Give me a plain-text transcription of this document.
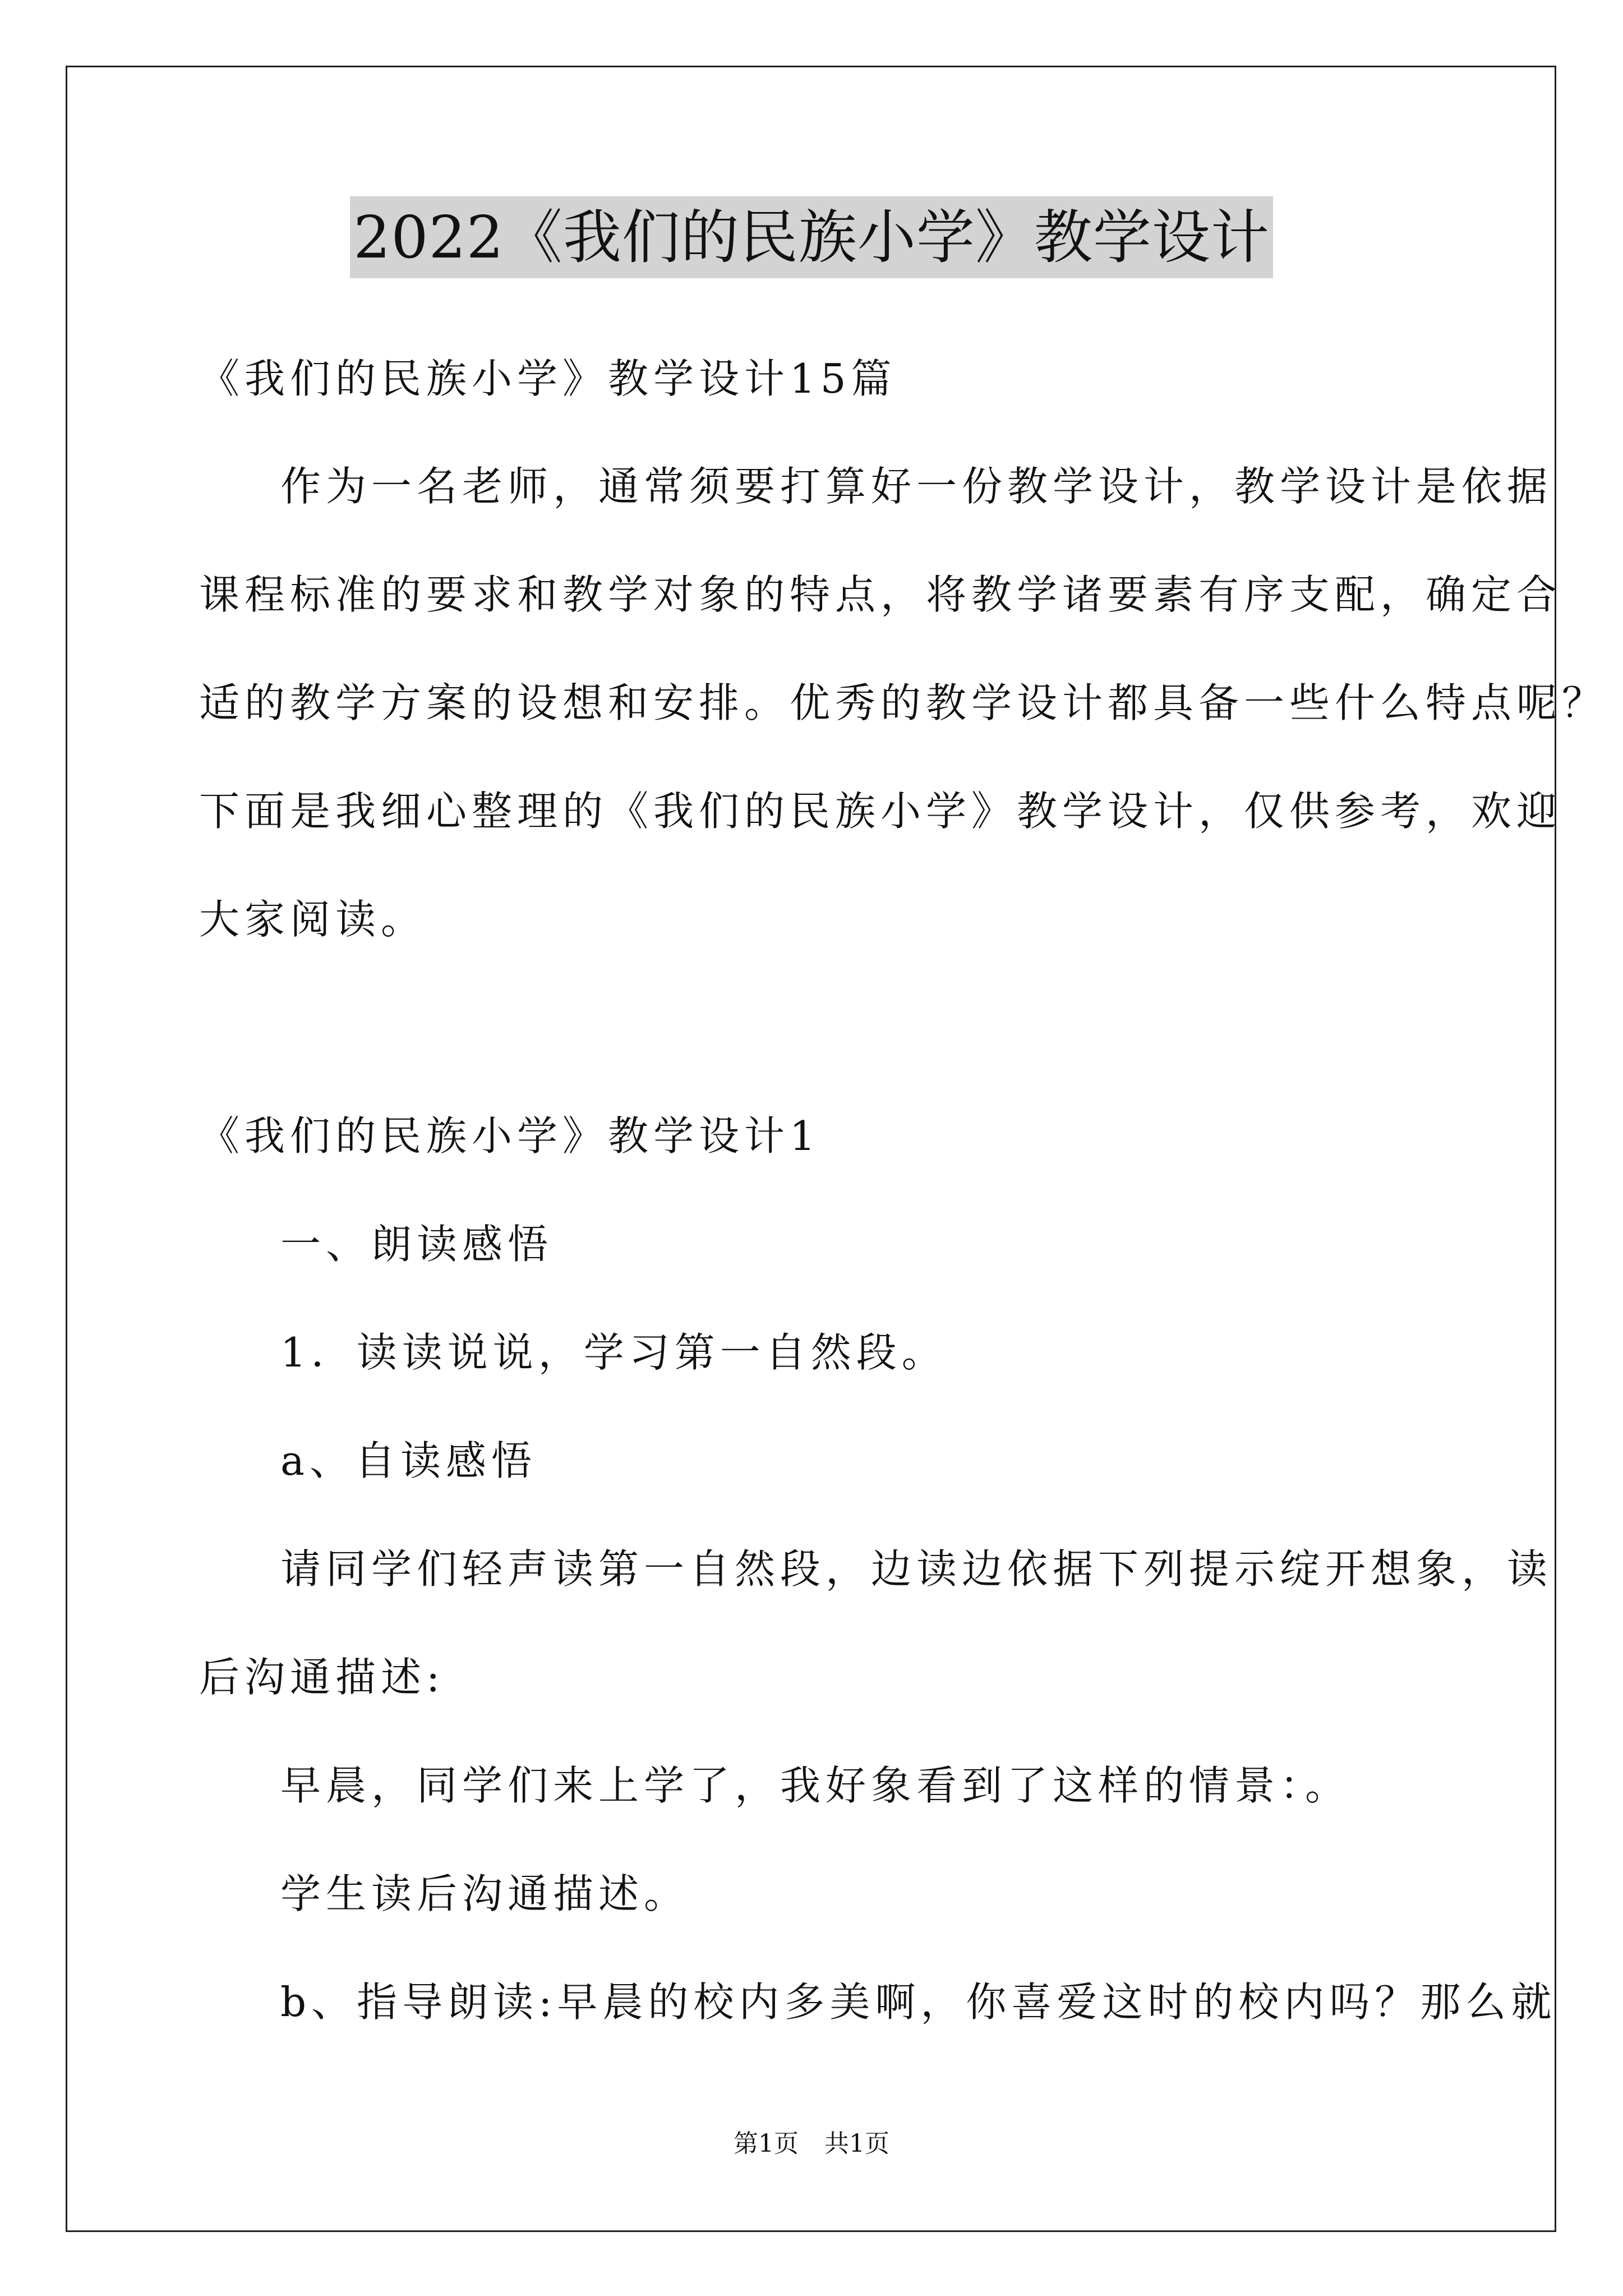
2022《我们的民族小学》教学设计
《我们的民族小学》教学设计15篇
作为一名老师，通常须要打算好一份教学设计，教学设计是依据
课程标准的要求和教学对象的特点，将教学诸要素有序支配，确定合
适的教学方案的设想和安排。优秀的教学设计都具备一些什么特点呢？
下面是我细心整理的《我们的民族小学》教学设计，仅供参考，欢迎
大家阅读。
《我们的民族小学》教学设计1
一、朗读感悟
1．读读说说，学习第一自然段。
a、自读感悟
请同学们轻声读第一自然段，边读边依据下列提示绽开想象，读
后沟通描述:
早晨，同学们来上学了，我好象看到了这样的情景：。
学生读后沟通描述。
b、指导朗读:早晨的校内多美啊，你喜爱这时的校内吗？那么就
第1页 共1页
